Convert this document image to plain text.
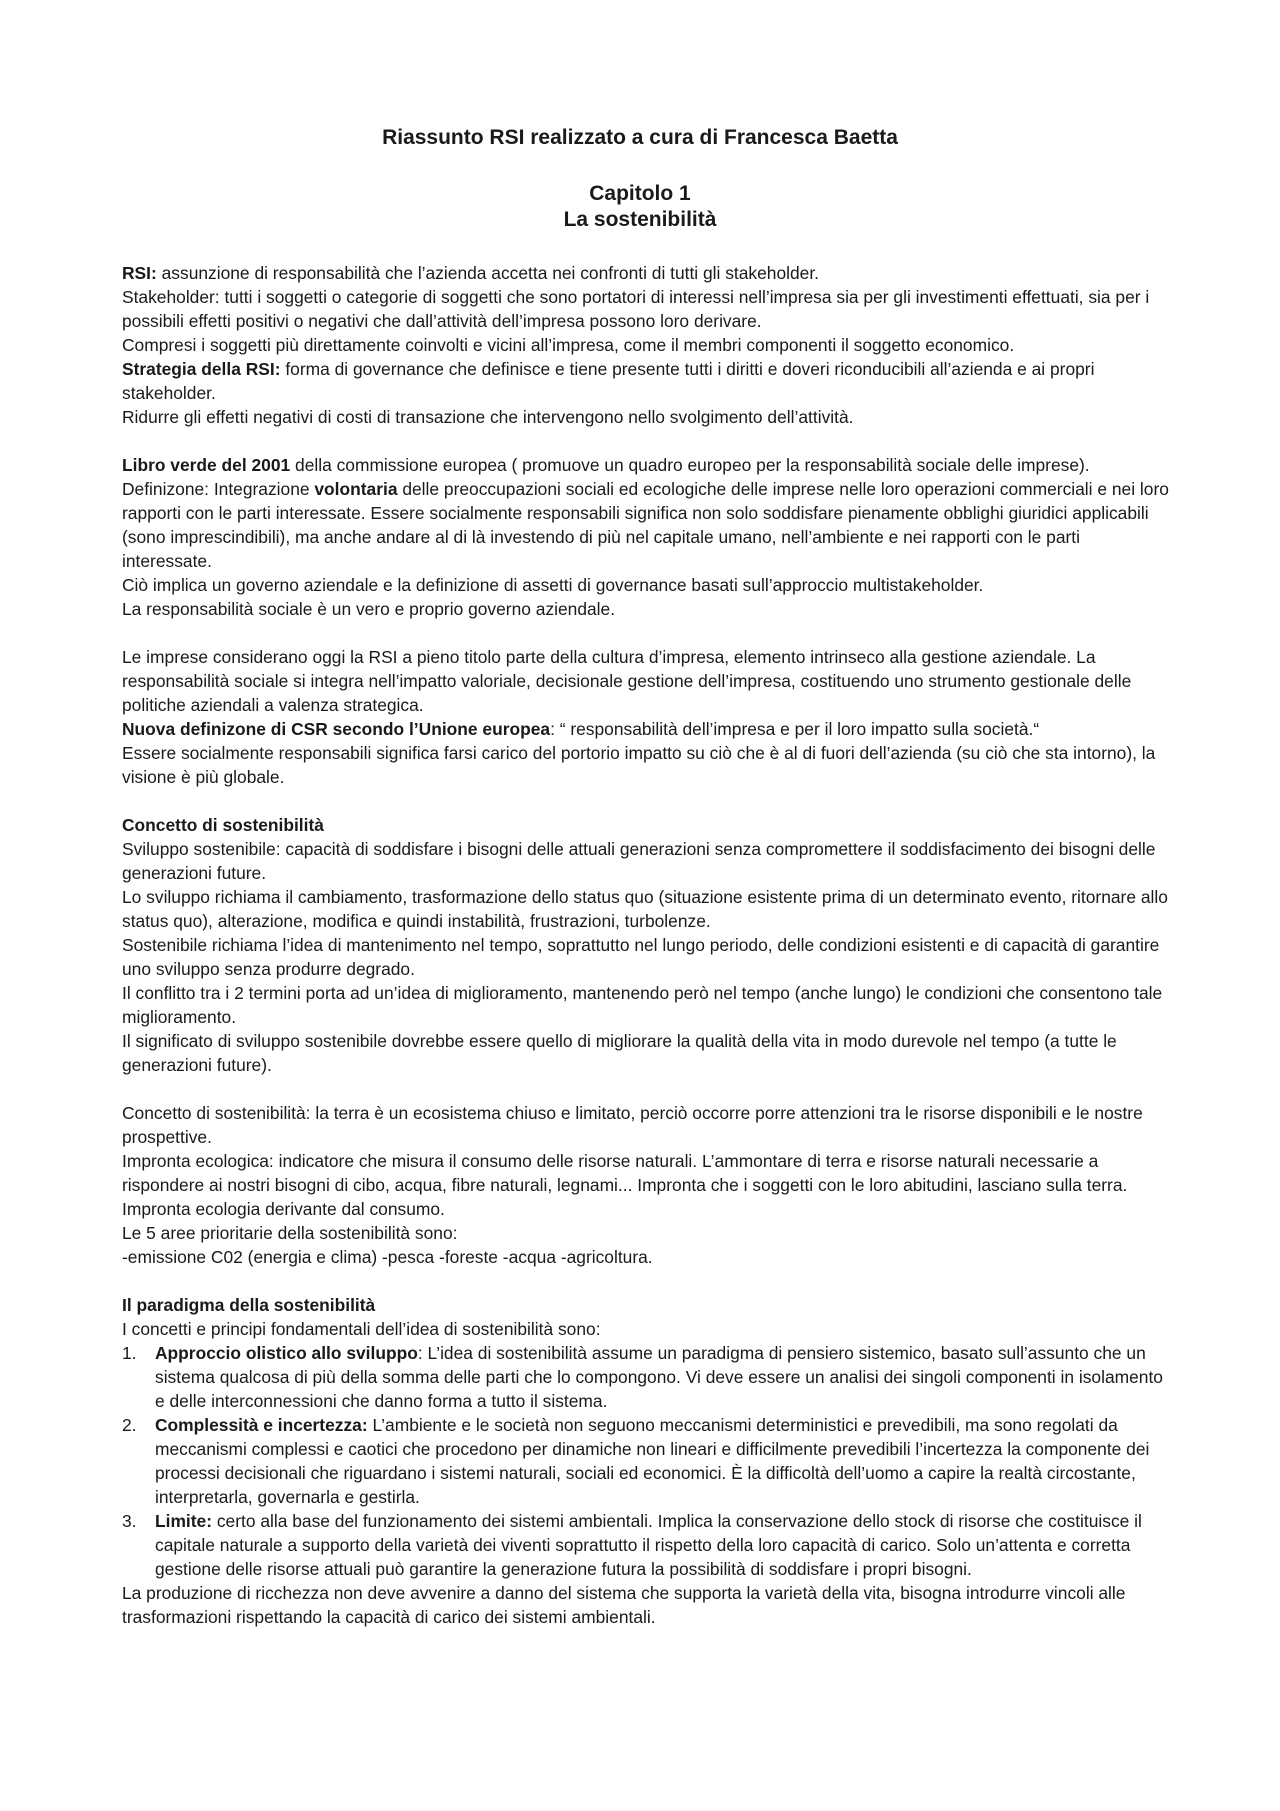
Riassunto RSI realizzato a cura di Francesca Baetta
Capitolo 1
La sostenibilità

RSI: assunzione di responsabilità che l’azienda accetta nei confronti di tutti gli stakeholder.

Stakeholder: tutti i soggetti o categorie di soggetti che sono portatori di interessi nell’impresa sia per gli investimenti effettuati, sia per i possibili effetti positivi o negativi che dall’attività dell’impresa possono loro derivare.

Compresi i soggetti più direttamente coinvolti e vicini all’impresa, come il membri componenti il soggetto economico.

Strategia della RSI: forma di governance che definisce e tiene presente tutti i diritti e doveri riconducibili all’azienda e ai propri stakeholder.

Ridurre gli effetti negativi di costi di transazione che intervengono nello svolgimento dell’attività.

Libro verde del 2001 della commissione europea ( promuove un quadro europeo per la responsabilità sociale delle imprese).

Definizone: Integrazione volontaria delle preoccupazioni sociali ed ecologiche delle imprese nelle loro operazioni commerciali e nei loro rapporti con le parti interessate. Essere socialmente responsabili significa non solo soddisfare pienamente obblighi giuridici applicabili (sono imprescindibili), ma anche andare al di là investendo di più nel capitale umano, nell’ambiente e nei rapporti con le parti interessate.

Ciò implica un governo aziendale e la definizione di assetti di governance basati sull’approccio multistakeholder.

La responsabilità sociale è un vero e proprio governo aziendale.

Le imprese considerano oggi la RSI a pieno titolo parte della cultura d’impresa, elemento intrinseco alla gestione aziendale. La responsabilità sociale si integra nell’impatto valoriale, decisionale gestione dell’impresa, costituendo uno strumento gestionale delle politiche aziendali a valenza strategica.

Nuova definizone di CSR secondo l’Unione europea: “ responsabilità dell’impresa e per il loro impatto sulla società.“

Essere socialmente responsabili significa farsi carico del portorio impatto su ciò che è al di fuori dell’azienda (su ciò che sta intorno), la visione è più globale.

Concetto di sostenibilità

Sviluppo sostenibile: capacità di soddisfare i bisogni delle attuali generazioni senza compromettere il soddisfacimento dei bisogni delle generazioni future.

Lo sviluppo richiama il cambiamento, trasformazione dello status quo (situazione esistente prima di un determinato evento, ritornare allo status quo), alterazione, modifica e quindi instabilità, frustrazioni, turbolenze.

Sostenibile richiama l’idea di mantenimento nel tempo, soprattutto nel lungo periodo, delle condizioni esistenti e di capacità di garantire uno sviluppo senza produrre degrado.

Il conflitto tra i 2 termini porta ad un’idea di miglioramento, mantenendo però nel tempo (anche lungo) le condizioni che consentono tale miglioramento.

Il significato di sviluppo sostenibile dovrebbe essere quello di migliorare la qualità della vita in modo durevole nel tempo (a tutte le generazioni future).

Concetto di sostenibilità: la terra è un ecosistema chiuso e limitato, perciò occorre porre attenzioni tra le risorse disponibili e le nostre prospettive.

Impronta ecologica: indicatore che misura il consumo delle risorse naturali. L’ammontare di terra e risorse naturali necessarie a rispondere ai nostri bisogni di cibo, acqua, fibre naturali, legnami... Impronta che i soggetti con le loro abitudini, lasciano sulla terra. Impronta ecologia derivante dal consumo.

Le 5 aree prioritarie della sostenibilità sono:

-emissione C02 (energia e clima) -pesca -foreste -acqua -agricoltura.

Il paradigma della sostenibilità

I concetti e principi fondamentali dell’idea di sostenibilità sono:

1. Approccio olistico allo sviluppo: L’idea di sostenibilità assume un paradigma di pensiero sistemico, basato sull’assunto che un sistema qualcosa di più della somma delle parti che lo compongono. Vi deve essere un analisi dei singoli componenti in isolamento e delle interconnessioni che danno forma a tutto il sistema.
2. Complessità e incertezza: L’ambiente e le società non seguono meccanismi deterministici e prevedibili, ma sono regolati da meccanismi complessi e caotici che procedono per dinamiche non lineari e difficilmente prevedibili l’incertezza la componente dei processi decisionali che riguardano i sistemi naturali, sociali ed economici. È la difficoltà dell’uomo a capire la realtà circostante, interpretarla, governarla e gestirla.
3. Limite: certo alla base del funzionamento dei sistemi ambientali. Implica la conservazione dello stock di risorse che costituisce il capitale naturale a supporto della varietà dei viventi soprattutto il rispetto della loro capacità di carico. Solo un’attenta e corretta gestione delle risorse attuali può garantire la generazione futura la possibilità di soddisfare i propri bisogni.

La produzione di ricchezza non deve avvenire a danno del sistema che supporta la varietà della vita, bisogna introdurre vincoli alle trasformazioni rispettando la capacità di carico dei sistemi ambientali.
